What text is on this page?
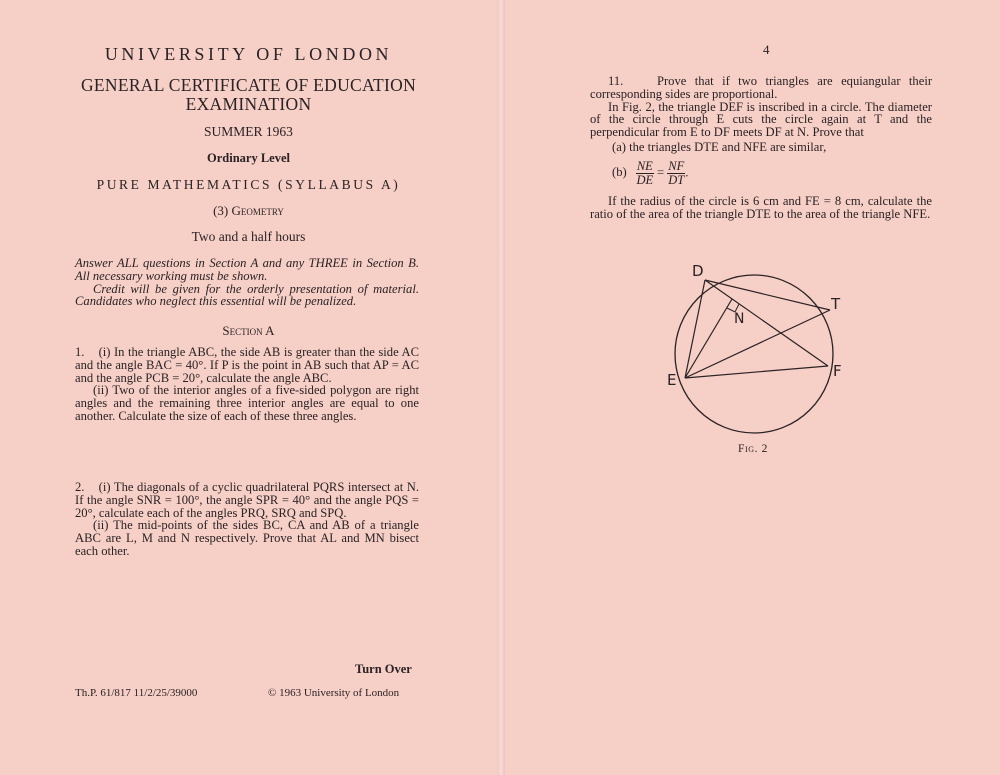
UNIVERSITY OF LONDON

GENERAL CERTIFICATE OF EDUCATION
EXAMINATION

SUMMER 1963

Ordinary Level

PURE MATHEMATICS (SYLLABUS A)

(3) Geometry

Two and a half hours

Answer ALL questions in Section A and any THREE in Section B. All necessary working must be shown.

Credit will be given for the orderly presentation of material. Candidates who neglect this essential will be penalized.

Section A

1. (i) In the triangle ABC, the side AB is greater than the side AC and the angle BAC = 40°. If P is the point in AB such that AP = AC and the angle PCB = 20°, calculate the angle ABC.

(ii) Two of the interior angles of a five-sided polygon are right angles and the remaining three interior angles are equal to one another. Calculate the size of each of these three angles.

2. (i) The diagonals of a cyclic quadrilateral PQRS intersect at N. If the angle SNR = 100°, the angle SPR = 40° and the angle PQS = 20°, calculate each of the angles PRQ, SRQ and SPQ.

(ii) The mid-points of the sides BC, CA and AB of a triangle ABC are L, M and N respectively. Prove that AL and MN bisect each other.

Turn Over
Th.P. 61/817 11/2/25/39000	© 1963 University of London
4

11.	Prove that if two triangles are equiangular their corresponding sides are proportional.

In Fig. 2, the triangle DEF is inscribed in a circle. The diameter of the circle through E cuts the circle again at T and the perpendicular from E to DF meets DF at N. Prove that

(a) the triangles DTE and NFE are similar,

$(b) \frac{NE}{DE} = \frac{NF}{DT}$ .

If the radius of the circle is 6 cm and FE = 8 cm, calculate the ratio of the area of the triangle DTE to the area of the triangle NFE.

D
T
N
E	F
Fig. 2
